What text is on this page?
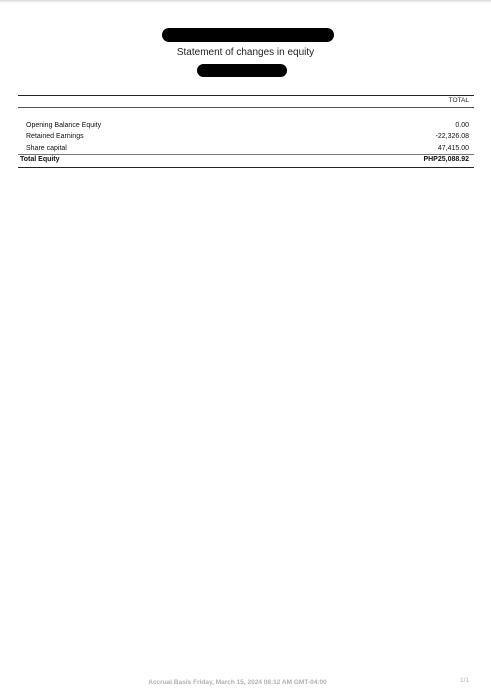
Statement of changes in equity
TOTAL
Opening Balance Equity	0.00
Retained Earnings	-22,326.08
Share capital	47,415.00
Total Equity	PHP25,088.92
Accrual Basis Friday, March 15, 2024 08:12 AM GMT-04:00	1/1
